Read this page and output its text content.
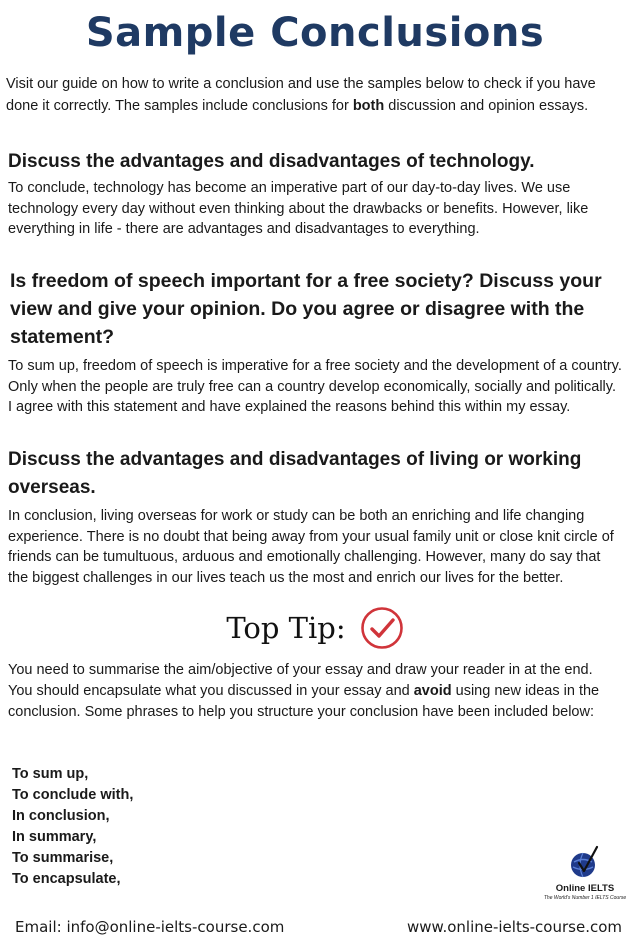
Sample Conclusions
Visit our guide on how to write a conclusion and use the samples below to check if you have done it correctly. The samples include conclusions for both discussion and opinion essays.
Discuss the advantages and disadvantages of technology.
To conclude, technology has become an imperative part of our day-to-day lives. We use technology every day without even thinking about the drawbacks or benefits. However, like everything in life - there are advantages and disadvantages to everything.
Is freedom of speech important for a free society? Discuss your view and give your opinion. Do you agree or disagree with the statement?
To sum up, freedom of speech is imperative for a free society and the development of a country. Only when the people are truly free can a country develop economically, socially and politically. I agree with this statement and have explained the reasons behind this within my essay.
Discuss the advantages and disadvantages of living or working overseas.
In conclusion, living overseas for work or study can be both an enriching and life changing experience. There is no doubt that being away from your usual family unit or close knit circle of friends can be tumultuous, arduous and emotionally challenging. However, many do say that the biggest challenges in our lives teach us the most and enrich our lives for the better.
Top Tip:
You need to summarise the aim/objective of your essay and draw your reader in at the end. You should encapsulate what you discussed in your essay and avoid using new ideas in the conclusion. Some phrases to help you structure your conclusion have been included below:
To sum up,
To conclude with,
In conclusion,
In summary,
To summarise,
To encapsulate,
Online IELTS
The World's Number 1 IELTS Course
Email: info@online-ielts-course.com	www.online-ielts-course.com
